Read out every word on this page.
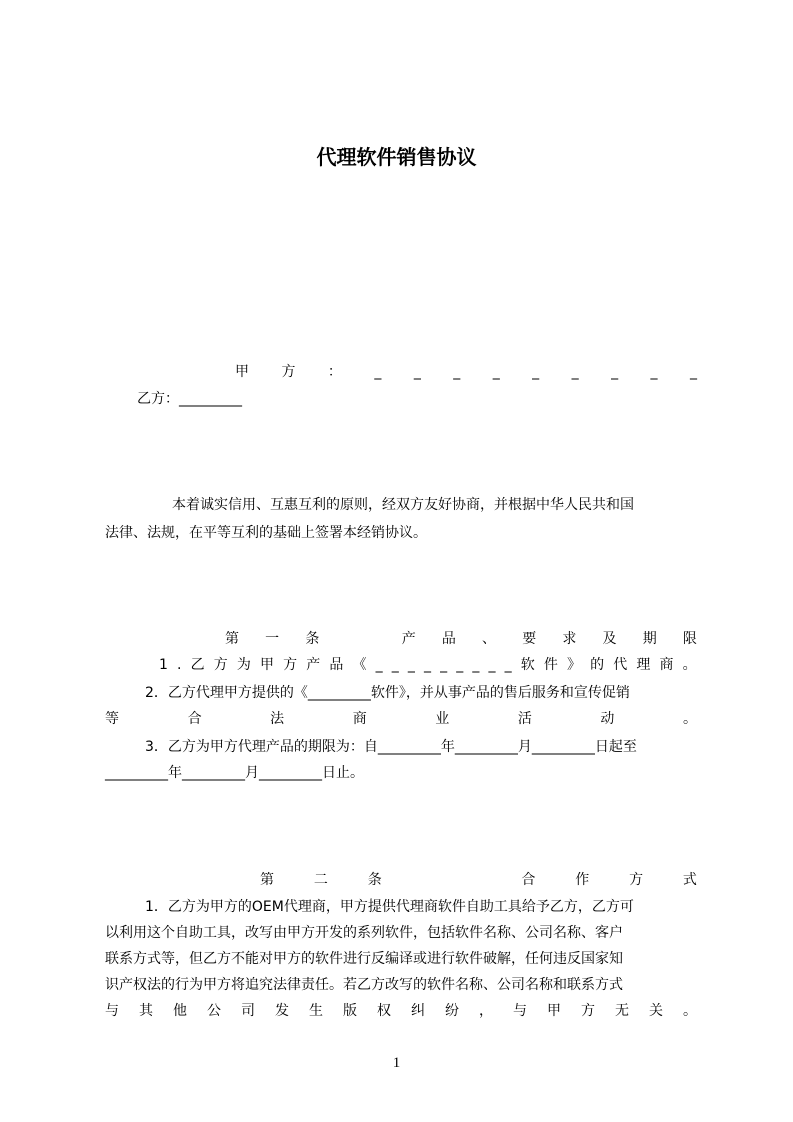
代理软件销售协议
甲 方 ： _ _ _ _ _ _ _ _ _
乙方：_________

本着诚实信用、互惠互利的原则，经双方友好协商，并根据中华人民共和国

法律、法规，在平等互利的基础上签署本经销协议。

第 一 条	产 品 、 要 求 及 期 限
1 . 乙 方 为 甲 方 产 品 《 _ _ _ _ _ _ _ _ _ 软 件 》 的 代 理 商 。

2．乙方代理甲方提供的《_________软件》，并从事产品的售后服务和宣传促销

等	合	法	商	业	活	动	。

3．乙方为甲方代理产品的期限为：自_________年_________月_________日起至

_________年_________月_________日止。

第	二	条	合	作	方	式

1．乙方为甲方的OEM代理商，甲方提供代理商软件自助工具给予乙方，乙方可

以利用这个自助工具，改写由甲方开发的系列软件，包括软件名称、公司名称、客户

联系方式等，但乙方不能对甲方的软件进行反编译或进行软件破解，任何违反国家知

识产权法的行为甲方将追究法律责任。若乙方改写的软件名称、公司名称和联系方式

与 其 他 公 司 发 生 版 权 纠 纷 ， 与 甲 方 无 关 。
1
